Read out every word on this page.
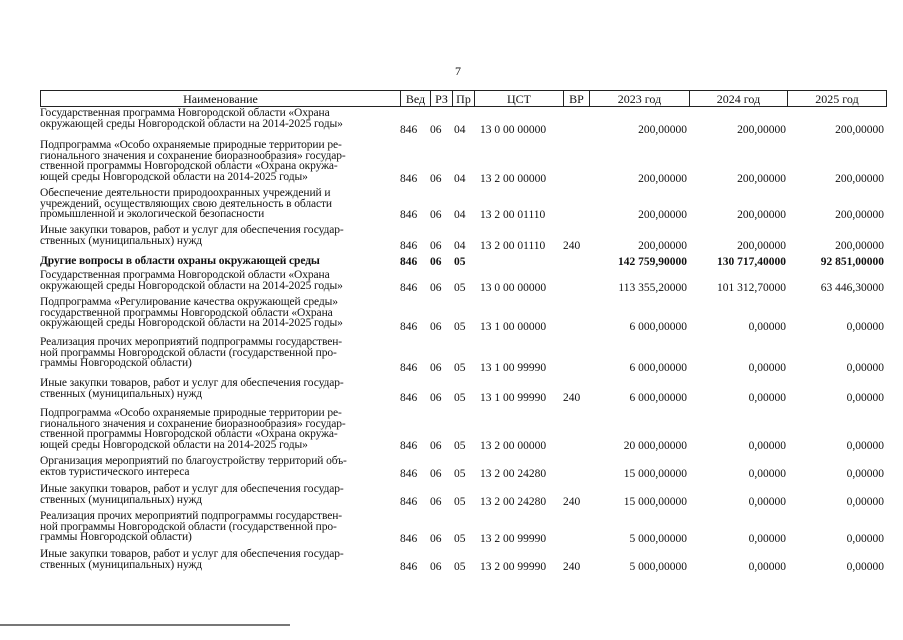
7
Наименование	Вед РЗ Пр	ЦСТ	ВР	2023 год	2024 год	2025 год
Государственная программа Новгородской области «Охрана
окружающей среды Новгородской области на 2014-2025 годы»
846 06 04 13 0 00 00000	200,00000	200,00000	200,00000
Подпрограмма «Особо охраняемые природные территории ре-
гионального значения и сохранение биоразнообразия» государ-
ственной программы Новгородской области «Охрана окружа-
ющей среды Новгородской области на 2014-2025 годы»	846 06 04 13 2 00 00000	200,00000	200,00000	200,00000
Обеспечение деятельности природоохранных учреждений и
учреждений, осуществляющих свою деятельность в области
промышленной и экологической безопасности	846 06 04 13 2 00 01110	200,00000	200,00000	200,00000
Иные закупки товаров, работ и услуг для обеспечения государ-
ственных (муниципальных) нужд	846 06 04 13 2 00 01110 240	200,00000	200,00000	200,00000
Другие вопросы в области охраны окружающей среды	846 06 05	142 759,90000	130 717,40000	92 851,00000
Государственная программа Новгородской области «Охрана
окружающей среды Новгородской области на 2014-2025 годы»	846 06 05 13 0 00 00000	113 355,20000	101 312,70000	63 446,30000
Подпрограмма «Регулирование качества окружающей среды»
государственной программы Новгородской области «Охрана
окружающей среды Новгородской области на 2014-2025 годы»	846 06 05 13 1 00 00000	6 000,00000	0,00000	0,00000
Реализация прочих мероприятий подпрограммы государствен-
ной программы Новгородской области (государственной про-
граммы Новгородской области)	846 06 05 13 1 00 99990	6 000,00000	0,00000	0,00000
Иные закупки товаров, работ и услуг для обеспечения государ-
ственных (муниципальных) нужд	846 06 05 13 1 00 99990 240	6 000,00000	0,00000	0,00000
Подпрограмма «Особо охраняемые природные территории ре-
гионального значения и сохранение биоразнообразия» государ-
ственной программы Новгородской области «Охрана окружа-
ющей среды Новгородской области на 2014-2025 годы»	846 06 05 13 2 00 00000	20 000,00000	0,00000	0,00000
Организация мероприятий по благоустройству территорий объ-
ектов туристического интереса	846 06 05 13 2 00 24280	15 000,00000	0,00000	0,00000
Иные закупки товаров, работ и услуг для обеспечения государ-
ственных (муниципальных) нужд	846 06 05 13 2 00 24280 240	15 000,00000	0,00000	0,00000
Реализация прочих мероприятий подпрограммы государствен-
ной программы Новгородской области (государственной про-
граммы Новгородской области)	846 06 05 13 2 00 99990	5 000,00000	0,00000	0,00000
Иные закупки товаров, работ и услуг для обеспечения государ-
ственных (муниципальных) нужд	846 06 05 13 2 00 99990 240	5 000,00000	0,00000	0,00000
